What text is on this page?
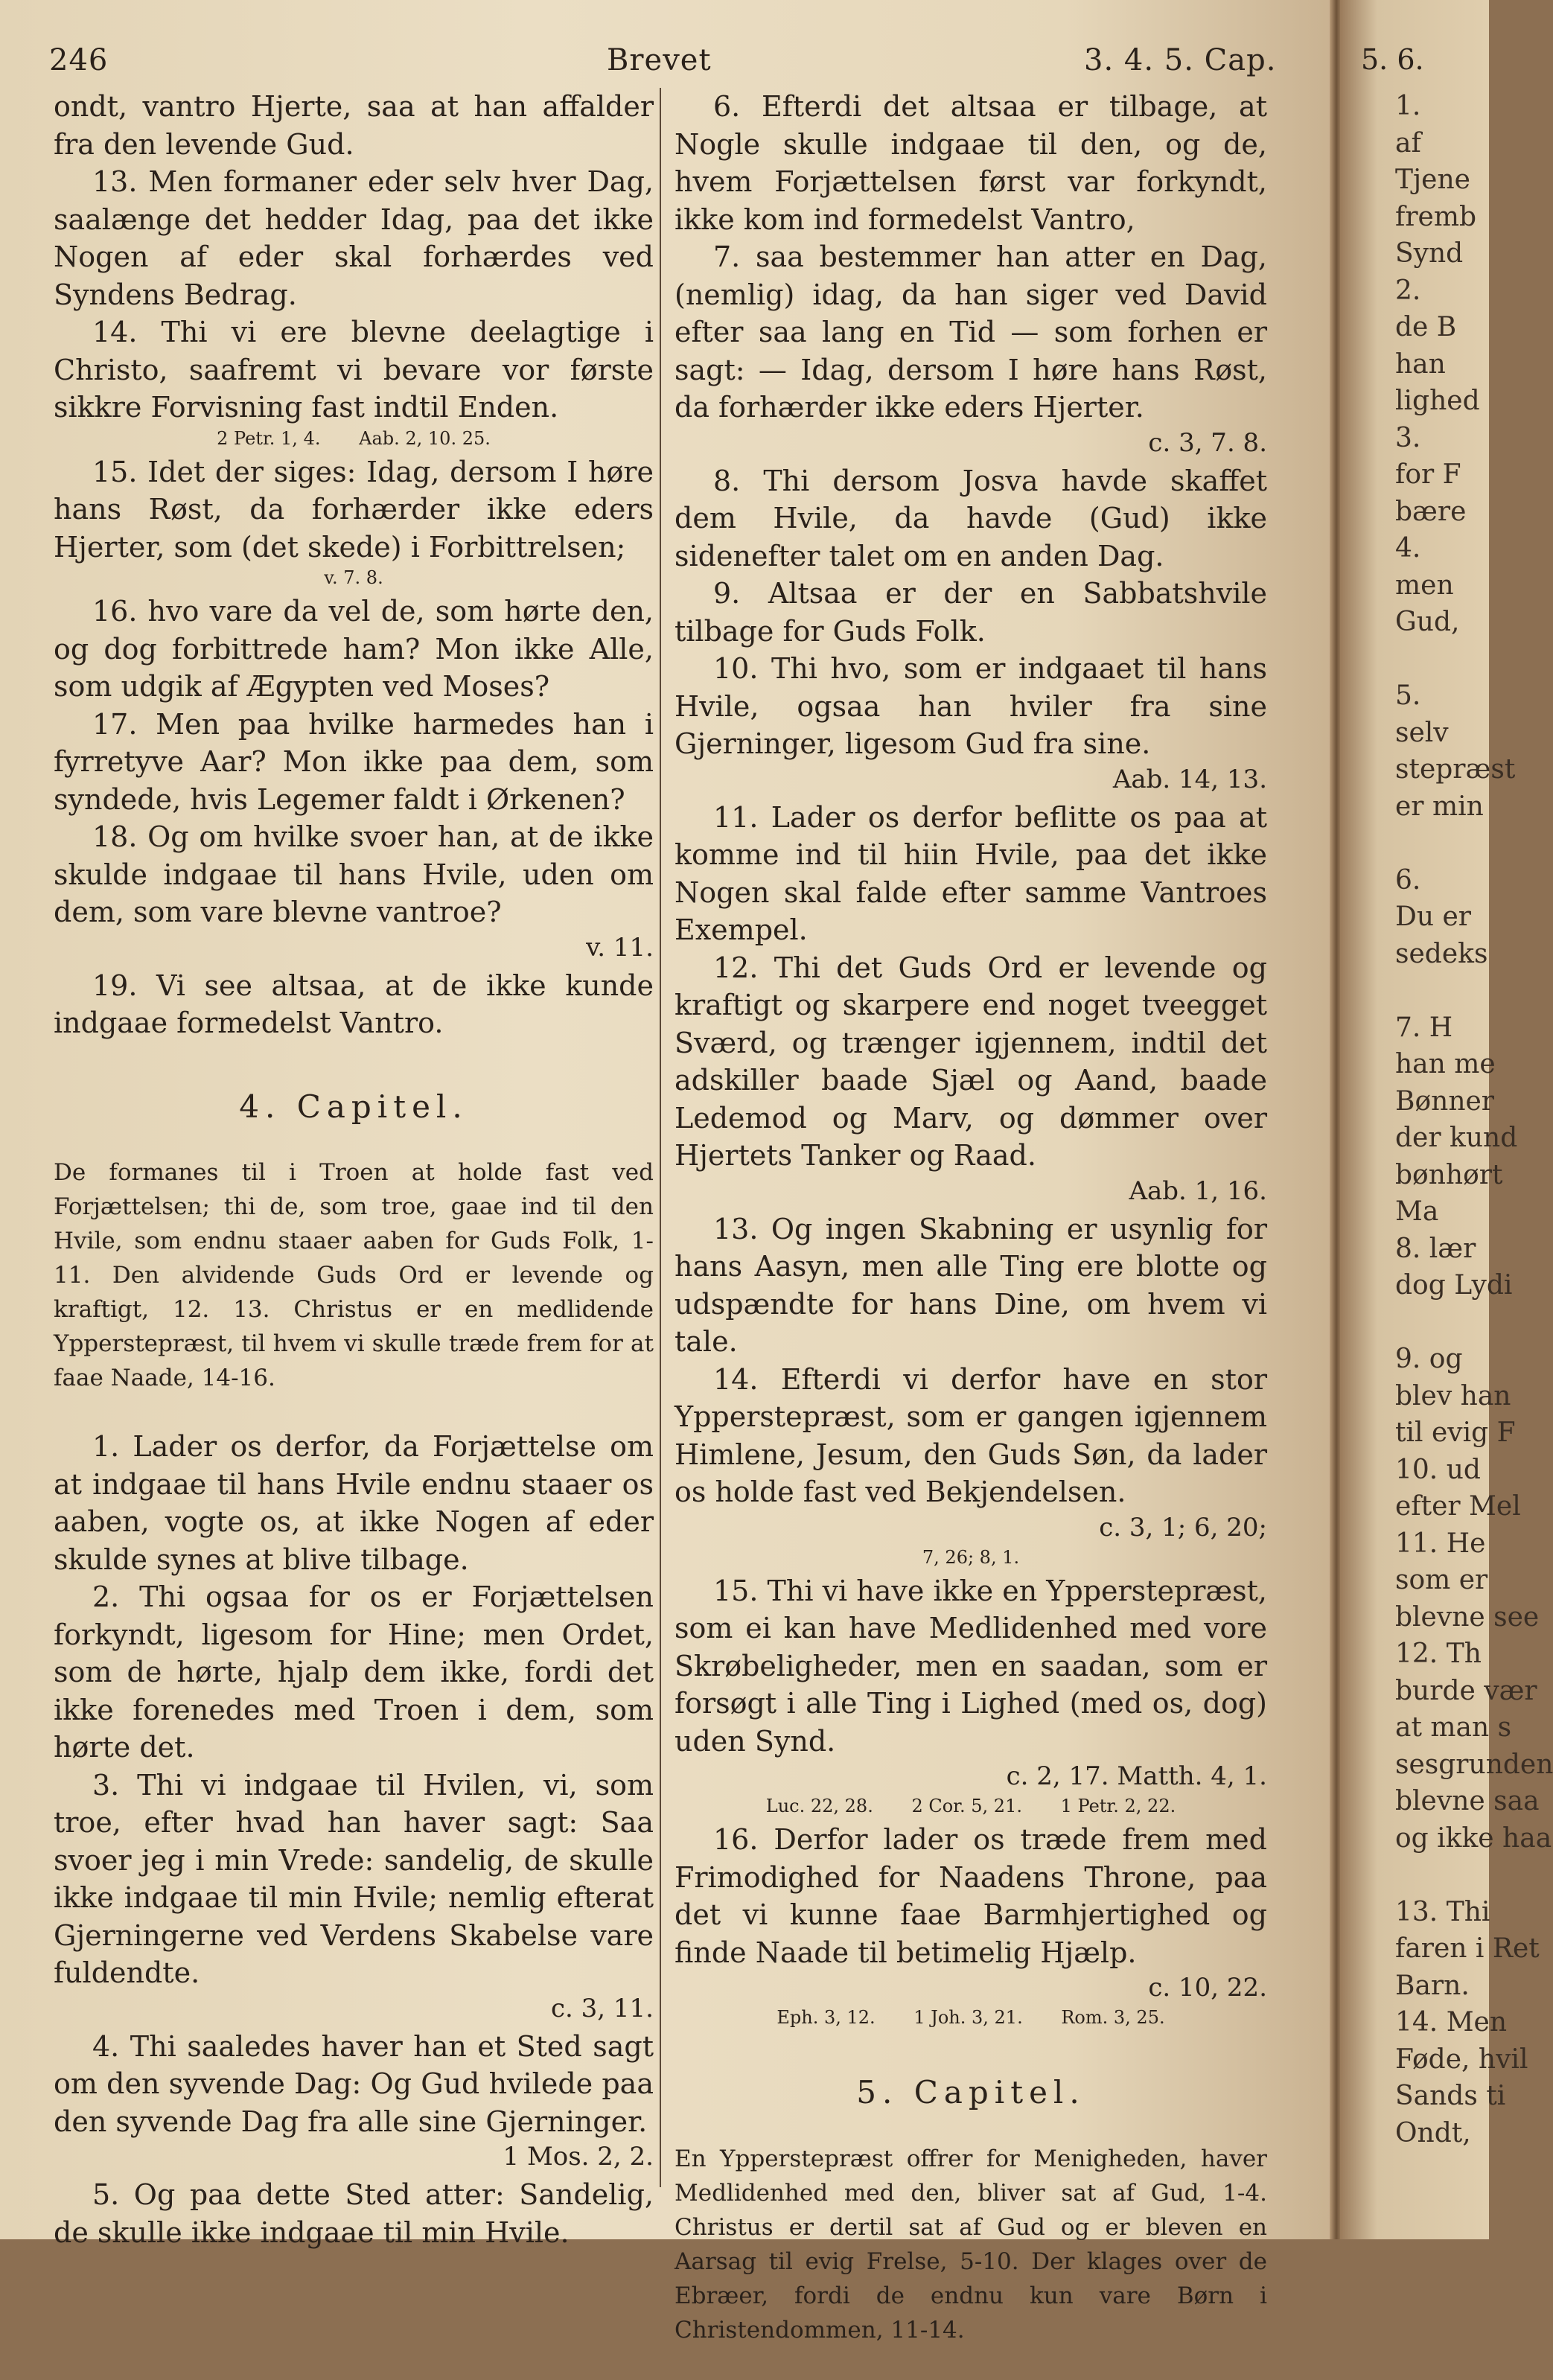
246	Brevet	3. 4. 5. Cap.

ondt, vantro Hjerte, saa at han affalder fra den levende Gud.

13. Men formaner eder selv hver Dag, saalænge det hedder Idag, paa det ikke Nogen af eder skal forhærdes ved Syndens Bedrag.

14. Thi vi ere blevne deelagtige i Christo, saafremt vi bevare vor første sikkre Forvisning fast indtil Enden.

2 Petr. 1, 4. Aab. 2, 10. 25.

15. Idet der siges: Idag, dersom I høre hans Røst, da forhærder ikke eders Hjerter, som (det skede) i Forbittrelsen;

v. 7. 8.

16. hvo vare da vel de, som hørte den, og dog forbittrede ham? Mon ikke Alle, som udgik af Ægypten ved Moses?

17. Men paa hvilke harmedes han i fyrretyve Aar? Mon ikke paa dem, som syndede, hvis Legemer faldt i Ørkenen?

18. Og om hvilke svoer han, at de ikke skulde indgaae til hans Hvile, uden om dem, som vare blevne vantroe?

v. 11.

19. Vi see altsaa, at de ikke kunde indgaae formedelst Vantro.

4. Capitel.

De formanes til i Troen at holde fast ved Forjættelsen; thi de, som troe, gaae ind til den Hvile, som endnu staaer aaben for Guds Folk, 1-11. Den alvidende Guds Ord er levende og kraftigt, 12. 13. Christus er en medlidende Ypperstepræst, til hvem vi skulle træde frem for at faae Naade, 14-16.

1. Lader os derfor, da Forjættelse om at indgaae til hans Hvile endnu staaer os aaben, vogte os, at ikke Nogen af eder skulde synes at blive tilbage.

2. Thi ogsaa for os er Forjættelsen forkyndt, ligesom for Hine; men Ordet, som de hørte, hjalp dem ikke, fordi det ikke forenedes med Troen i dem, som hørte det.

3. Thi vi indgaae til Hvilen, vi, som troe, efter hvad han haver sagt: Saa svoer jeg i min Vrede: sandelig, de skulle ikke indgaae til min Hvile; nemlig efterat Gjerningerne ved Verdens Skabelse vare fuldendte.

c. 3, 11.

4. Thi saaledes haver han et Sted sagt om den syvende Dag: Og Gud hvilede paa den syvende Dag fra alle sine Gjerninger.

1 Mos. 2, 2.

5. Og paa dette Sted atter: Sandelig, de skulle ikke indgaae til min Hvile.

6. Efterdi det altsaa er tilbage, at Nogle skulle indgaae til den, og de, hvem Forjættelsen først var forkyndt, ikke kom ind formedelst Vantro,

7. saa bestemmer han atter en Dag, (nemlig) idag, da han siger ved David efter saa lang en Tid — som forhen er sagt: — Idag, dersom I høre hans Røst, da forhærder ikke eders Hjerter.

c. 3, 7. 8.

8. Thi dersom Josva havde skaffet dem Hvile, da havde (Gud) ikke sidenefter talet om en anden Dag.

9. Altsaa er der en Sabbatshvile tilbage for Guds Folk.

10. Thi hvo, som er indgaaet til hans Hvile, ogsaa han hviler fra sine Gjerninger, ligesom Gud fra sine.

Aab. 14, 13.

11. Lader os derfor beflitte os paa at komme ind til hiin Hvile, paa det ikke Nogen skal falde efter samme Vantroes Exempel.

12. Thi det Guds Ord er levende og kraftigt og skarpere end noget tveegget Sværd, og trænger igjennem, indtil det adskiller baade Sjæl og Aand, baade Ledemod og Marv, og dømmer over Hjertets Tanker og Raad.

Aab. 1, 16.

13. Og ingen Skabning er usynlig for hans Aasyn, men alle Ting ere blotte og udspændte for hans Dine, om hvem vi tale.

14. Efterdi vi derfor have en stor Ypperstepræst, som er gangen igjennem Himlene, Jesum, den Guds Søn, da lader os holde fast ved Bekjendelsen.

c. 3, 1; 6, 20;
7, 26; 8, 1.

15. Thi vi have ikke en Ypperstepræst, som ei kan have Medlidenhed med vore Skrøbeligheder, men en saadan, som er forsøgt i alle Ting i Lighed (med os, dog) uden Synd.

c. 2, 17. Matth. 4, 1.
Luc. 22, 28. 2 Cor. 5, 21. 1 Petr. 2, 22.

16. Derfor lader os træde frem med Frimodighed for Naadens Throne, paa det vi kunne faae Barmhjertighed og finde Naade til betimelig Hjælp.

c. 10, 22.
Eph. 3, 12. 1 Joh. 3, 21. Rom. 3, 25.
5. Capitel.

En Ypperstepræst offrer for Menigheden, haver Medlidenhed med den, bliver sat af Gud, 1-4. Christus er dertil sat af Gud og er bleven en Aarsag til evig Frelse, 5-10. Der klages over de Ebræer, fordi de endnu kun vare Børn i Christendommen, 11-14.

5. 6.
1.
af
Tjene
fremb
Synd
2.
de B
han
lighed
3.
for F
bære
4.
men
Gud,
5.
selv
stepræst
er min
6.
Du er
sedeks
7. H
han me
Bønner
der kund
bønhørt
Ma
8. lær
dog Lydi
9. og
blev han
til evig F
10. ud
efter Mel
11. He
som er
blevne see
12. Th
burde vær
at man s
sesgrunden
blevne saa
og ikke haa
13. Thi
faren i Ret
Barn.
14. Men
Føde, hvil
Sands ti
Ondt,
